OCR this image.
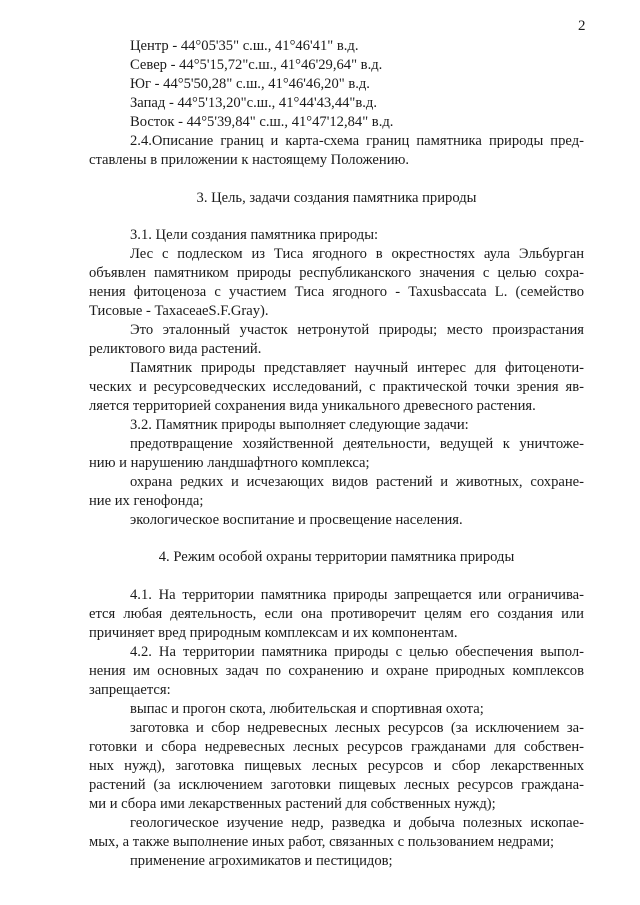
2
Центр - 44°05'35" с.ш., 41°46'41" в.д.
Север - 44°5'15,72"с.ш., 41°46'29,64" в.д.
Юг - 44°5'50,28" с.ш., 41°46'46,20" в.д.
Запад - 44°5'13,20"с.ш., 41°44'43,44"в.д.
Восток - 44°5'39,84" с.ш., 41°47'12,84" в.д.
2.4.Описание границ и карта-схема границ памятника природы пред-
ставлены в приложении к настоящему Положению.
3. Цель, задачи создания памятника природы
3.1. Цели создания памятника природы:
Лес с подлеском из Тиса ягодного в окрестностях аула Эльбурган
объявлен памятником природы республиканского значения с целью сохра-
нения фитоценоза с участием Тиса ягодного - Taxusbaccata L. (семейство
Тисовые - TaxaceaeS.F.Gray).
Это эталонный участок нетронутой природы; место произрастания
реликтового вида растений.
Памятник природы представляет научный интерес для фитоценоти-
ческих и ресурсоведческих исследований, с практической точки зрения яв-
ляется территорией сохранения вида уникального древесного растения.
3.2. Памятник природы выполняет следующие задачи:
предотвращение хозяйственной деятельности, ведущей к уничтоже-
нию и нарушению ландшафтного комплекса;
охрана редких и исчезающих видов растений и животных, сохране-
ние их генофонда;
экологическое воспитание и просвещение населения.
4. Режим особой охраны территории памятника природы
4.1. На территории памятника природы запрещается или ограничива-
ется любая деятельность, если она противоречит целям его создания или
причиняет вред природным комплексам и их компонентам.
4.2. На территории памятника природы с целью обеспечения выпол-
нения им основных задач по сохранению и охране природных комплексов
запрещается:
выпас и прогон скота, любительская и спортивная охота;
заготовка и сбор недревесных лесных ресурсов (за исключением за-
готовки и сбора недревесных лесных ресурсов гражданами для собствен-
ных нужд), заготовка пищевых лесных ресурсов и сбор лекарственных
растений (за исключением заготовки пищевых лесных ресурсов граждана-
ми и сбора ими лекарственных растений для собственных нужд);
геологическое изучение недр, разведка и добыча полезных ископае-
мых, а также выполнение иных работ, связанных с пользованием недрами;
применение агрохимикатов и пестицидов;
